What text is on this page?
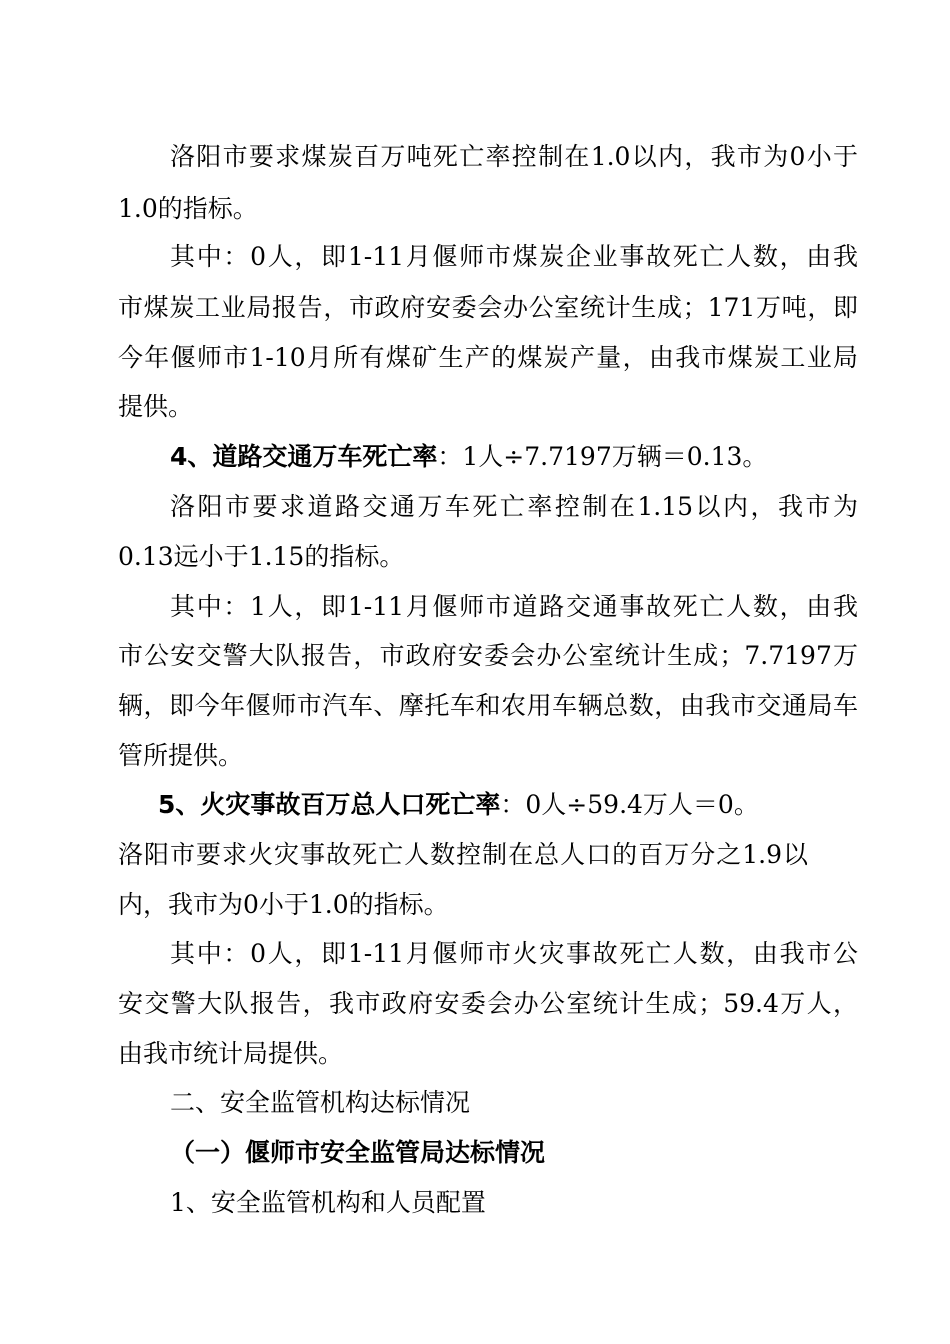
洛阳市要求煤炭百万吨死亡率控制在1.0以内，我市为0小于
1.0的指标。
其中：0人，即1-11月偃师市煤炭企业事故死亡人数，由我
市煤炭工业局报告，市政府安委会办公室统计生成；171万吨，即
今年偃师市1-10月所有煤矿生产的煤炭产量，由我市煤炭工业局
提供。
4、道路交通万车死亡率：1人÷7.7197万辆＝0.13。
洛阳市要求道路交通万车死亡率控制在1.15以内，我市为
0.13远小于1.15的指标。
其中：1人，即1-11月偃师市道路交通事故死亡人数，由我
市公安交警大队报告，市政府安委会办公室统计生成；7.7197万
辆，即今年偃师市汽车、摩托车和农用车辆总数，由我市交通局车
管所提供。
5、火灾事故百万总人口死亡率：0人÷59.4万人＝0。
洛阳市要求火灾事故死亡人数控制在总人口的百万分之1.9以
内，我市为0小于1.0的指标。
其中：0人，即1-11月偃师市火灾事故死亡人数，由我市公
安交警大队报告，我市政府安委会办公室统计生成；59.4万人，
由我市统计局提供。
二、安全监管机构达标情况
（一）偃师市安全监管局达标情况
1、安全监管机构和人员配置
